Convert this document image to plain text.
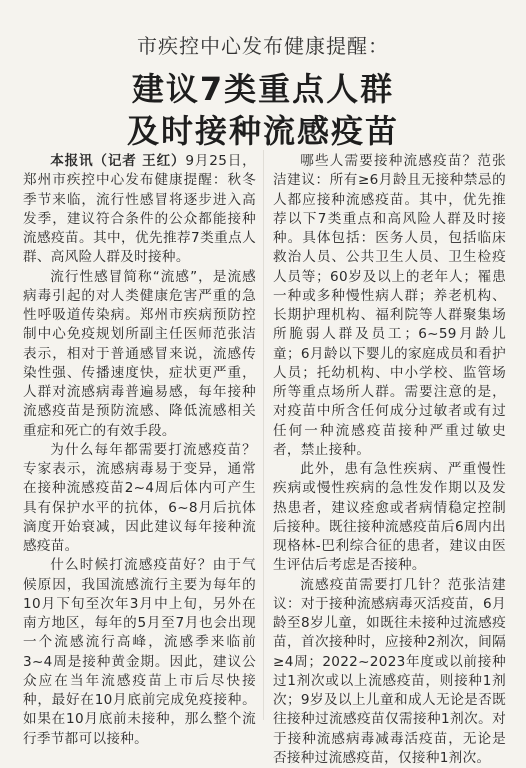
市疾控中心发布健康提醒：
建议7类重点人群
及时接种流感疫苗

本报讯（记者 王红）9月25日，郑州市疾控中心发布健康提醒：秋冬季节来临，流行性感冒将逐步进入高发季，建议符合条件的公众都能接种流感疫苗。其中，优先推荐7类重点人群、高风险人群及时接种。

流行性感冒简称“流感”，是流感病毒引起的对人类健康危害严重的急性呼吸道传染病。郑州市疾病预防控制中心免疫规划所副主任医师范张洁表示，相对于普通感冒来说，流感传染性强、传播速度快，症状更严重，人群对流感病毒普遍易感，每年接种流感疫苗是预防流感、降低流感相关重症和死亡的有效手段。

为什么每年都需要打流感疫苗？专家表示，流感病毒易于变异，通常在接种流感疫苗2~4周后体内可产生具有保护水平的抗体，6~8月后抗体滴度开始衰减，因此建议每年接种流感疫苗。

什么时候打流感疫苗好？由于气候原因，我国流感流行主要为每年的10月下旬至次年3月中上旬，另外在南方地区，每年的5月至7月也会出现一个流感流行高峰，流感季来临前3~4周是接种黄金期。因此，建议公众应在当年流感疫苗上市后尽快接种，最好在10月底前完成免疫接种。如果在10月底前未接种，那么整个流行季节都可以接种。

哪些人需要接种流感疫苗？范张洁建议：所有≥6月龄且无接种禁忌的人都应接种流感疫苗。其中，优先推荐以下7类重点和高风险人群及时接种。具体包括：医务人员，包括临床救治人员、公共卫生人员、卫生检疫人员等；60岁及以上的老年人；罹患一种或多种慢性病人群；养老机构、长期护理机构、福利院等人群聚集场所脆弱人群及员工；6~59月龄儿童；6月龄以下婴儿的家庭成员和看护人员；托幼机构、中小学校、监管场所等重点场所人群。需要注意的是，对疫苗中所含任何成分过敏者或有过任何一种流感疫苗接种严重过敏史者，禁止接种。

此外，患有急性疾病、严重慢性疾病或慢性疾病的急性发作期以及发热患者，建议痊愈或者病情稳定控制后接种。既往接种流感疫苗后6周内出现格林-巴利综合征的患者，建议由医生评估后考虑是否接种。

流感疫苗需要打几针？范张洁建议：对于接种流感病毒灭活疫苗，6月龄至8岁儿童，如既往未接种过流感疫苗，首次接种时，应接种2剂次，间隔≥4周；2022~2023年度或以前接种过1剂次或以上流感疫苗，则接种1剂次；9岁及以上儿童和成人无论是否既往接种过流感疫苗仅需接种1剂次。对于接种流感病毒减毒活疫苗，无论是否接种过流感疫苗，仅接种1剂次。
